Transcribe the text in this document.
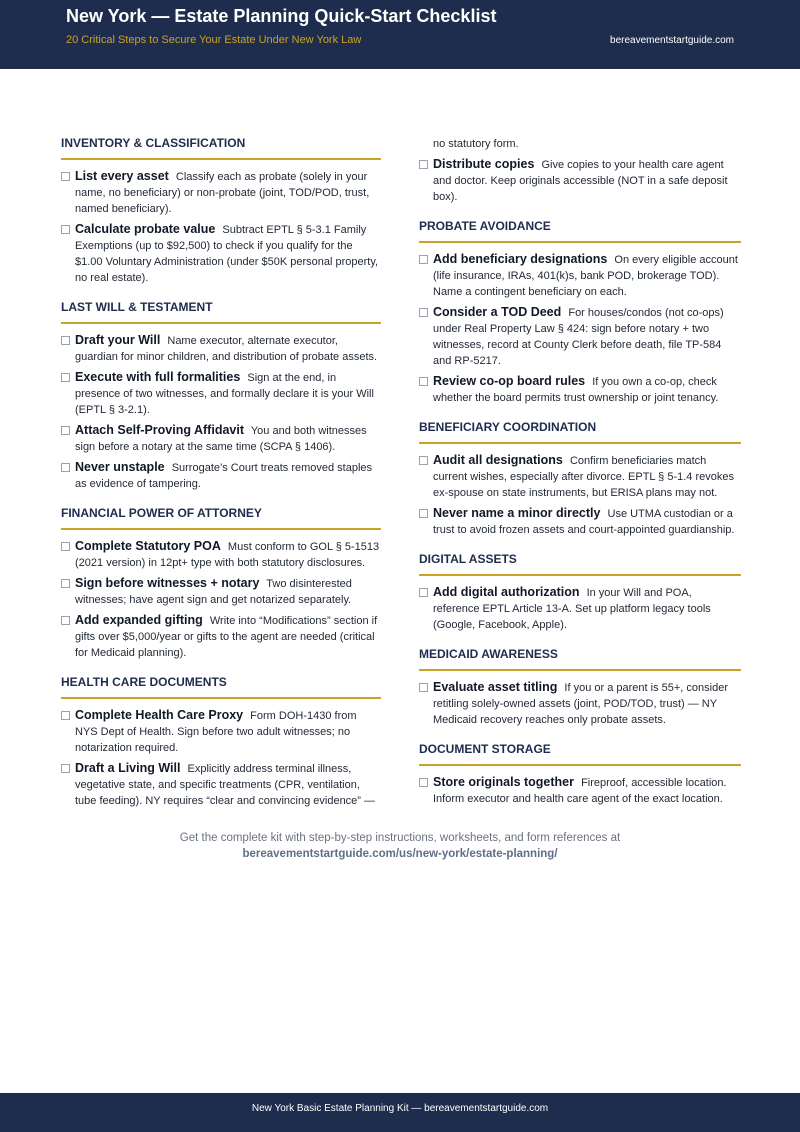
New York — Estate Planning Quick-Start Checklist
20 Critical Steps to Secure Your Estate Under New York Law	bereavementstartguide.com
INVENTORY & CLASSIFICATION
List every asset Classify each as probate (solely in your name, no beneficiary) or non-probate (joint, TOD/POD, trust, named beneficiary).
Calculate probate value Subtract EPTL § 5-3.1 Family Exemptions (up to $92,500) to check if you qualify for the $1.00 Voluntary Administration (under $50K personal property, no real estate).
LAST WILL & TESTAMENT
Draft your Will Name executor, alternate executor, guardian for minor children, and distribution of probate assets.
Execute with full formalities Sign at the end, in presence of two witnesses, and formally declare it is your Will (EPTL § 3-2.1).
Attach Self-Proving Affidavit You and both witnesses sign before a notary at the same time (SCPA § 1406).
Never unstaple Surrogate’s Court treats removed staples as evidence of tampering.
FINANCIAL POWER OF ATTORNEY
Complete Statutory POA Must conform to GOL § 5-1513 (2021 version) in 12pt+ type with both statutory disclosures.
Sign before witnesses + notary Two disinterested witnesses; have agent sign and get notarized separately.
Add expanded gifting Write into “Modifications” section if gifts over $5,000/year or gifts to the agent are needed (critical for Medicaid planning).
HEALTH CARE DOCUMENTS
Complete Health Care Proxy Form DOH-1430 from NYS Dept of Health. Sign before two adult witnesses; no notarization required.
Draft a Living Will Explicitly address terminal illness, vegetative state, and specific treatments (CPR, ventilation, tube feeding). NY requires “clear and convincing evidence” —
no statutory form.
Distribute copies Give copies to your health care agent and doctor. Keep originals accessible (NOT in a safe deposit box).
PROBATE AVOIDANCE
Add beneficiary designations On every eligible account (life insurance, IRAs, 401(k)s, bank POD, brokerage TOD). Name a contingent beneficiary on each.
Consider a TOD Deed For houses/condos (not co-ops) under Real Property Law § 424: sign before notary + two witnesses, record at County Clerk before death, file TP-584 and RP-5217.
Review co-op board rules If you own a co-op, check whether the board permits trust ownership or joint tenancy.
BENEFICIARY COORDINATION
Audit all designations Confirm beneficiaries match current wishes, especially after divorce. EPTL § 5-1.4 revokes ex-spouse on state instruments, but ERISA plans may not.
Never name a minor directly Use UTMA custodian or a trust to avoid frozen assets and court-appointed guardianship.
DIGITAL ASSETS
Add digital authorization In your Will and POA, reference EPTL Article 13-A. Set up platform legacy tools (Google, Facebook, Apple).
MEDICAID AWARENESS
Evaluate asset titling If you or a parent is 55+, consider retitling solely-owned assets (joint, POD/TOD, trust) — NY Medicaid recovery reaches only probate assets.
DOCUMENT STORAGE
Store originals together Fireproof, accessible location. Inform executor and health care agent of the exact location.
Get the complete kit with step-by-step instructions, worksheets, and form references at
bereavementstartguide.com/us/new-york/estate-planning/
New York Basic Estate Planning Kit — bereavementstartguide.com
